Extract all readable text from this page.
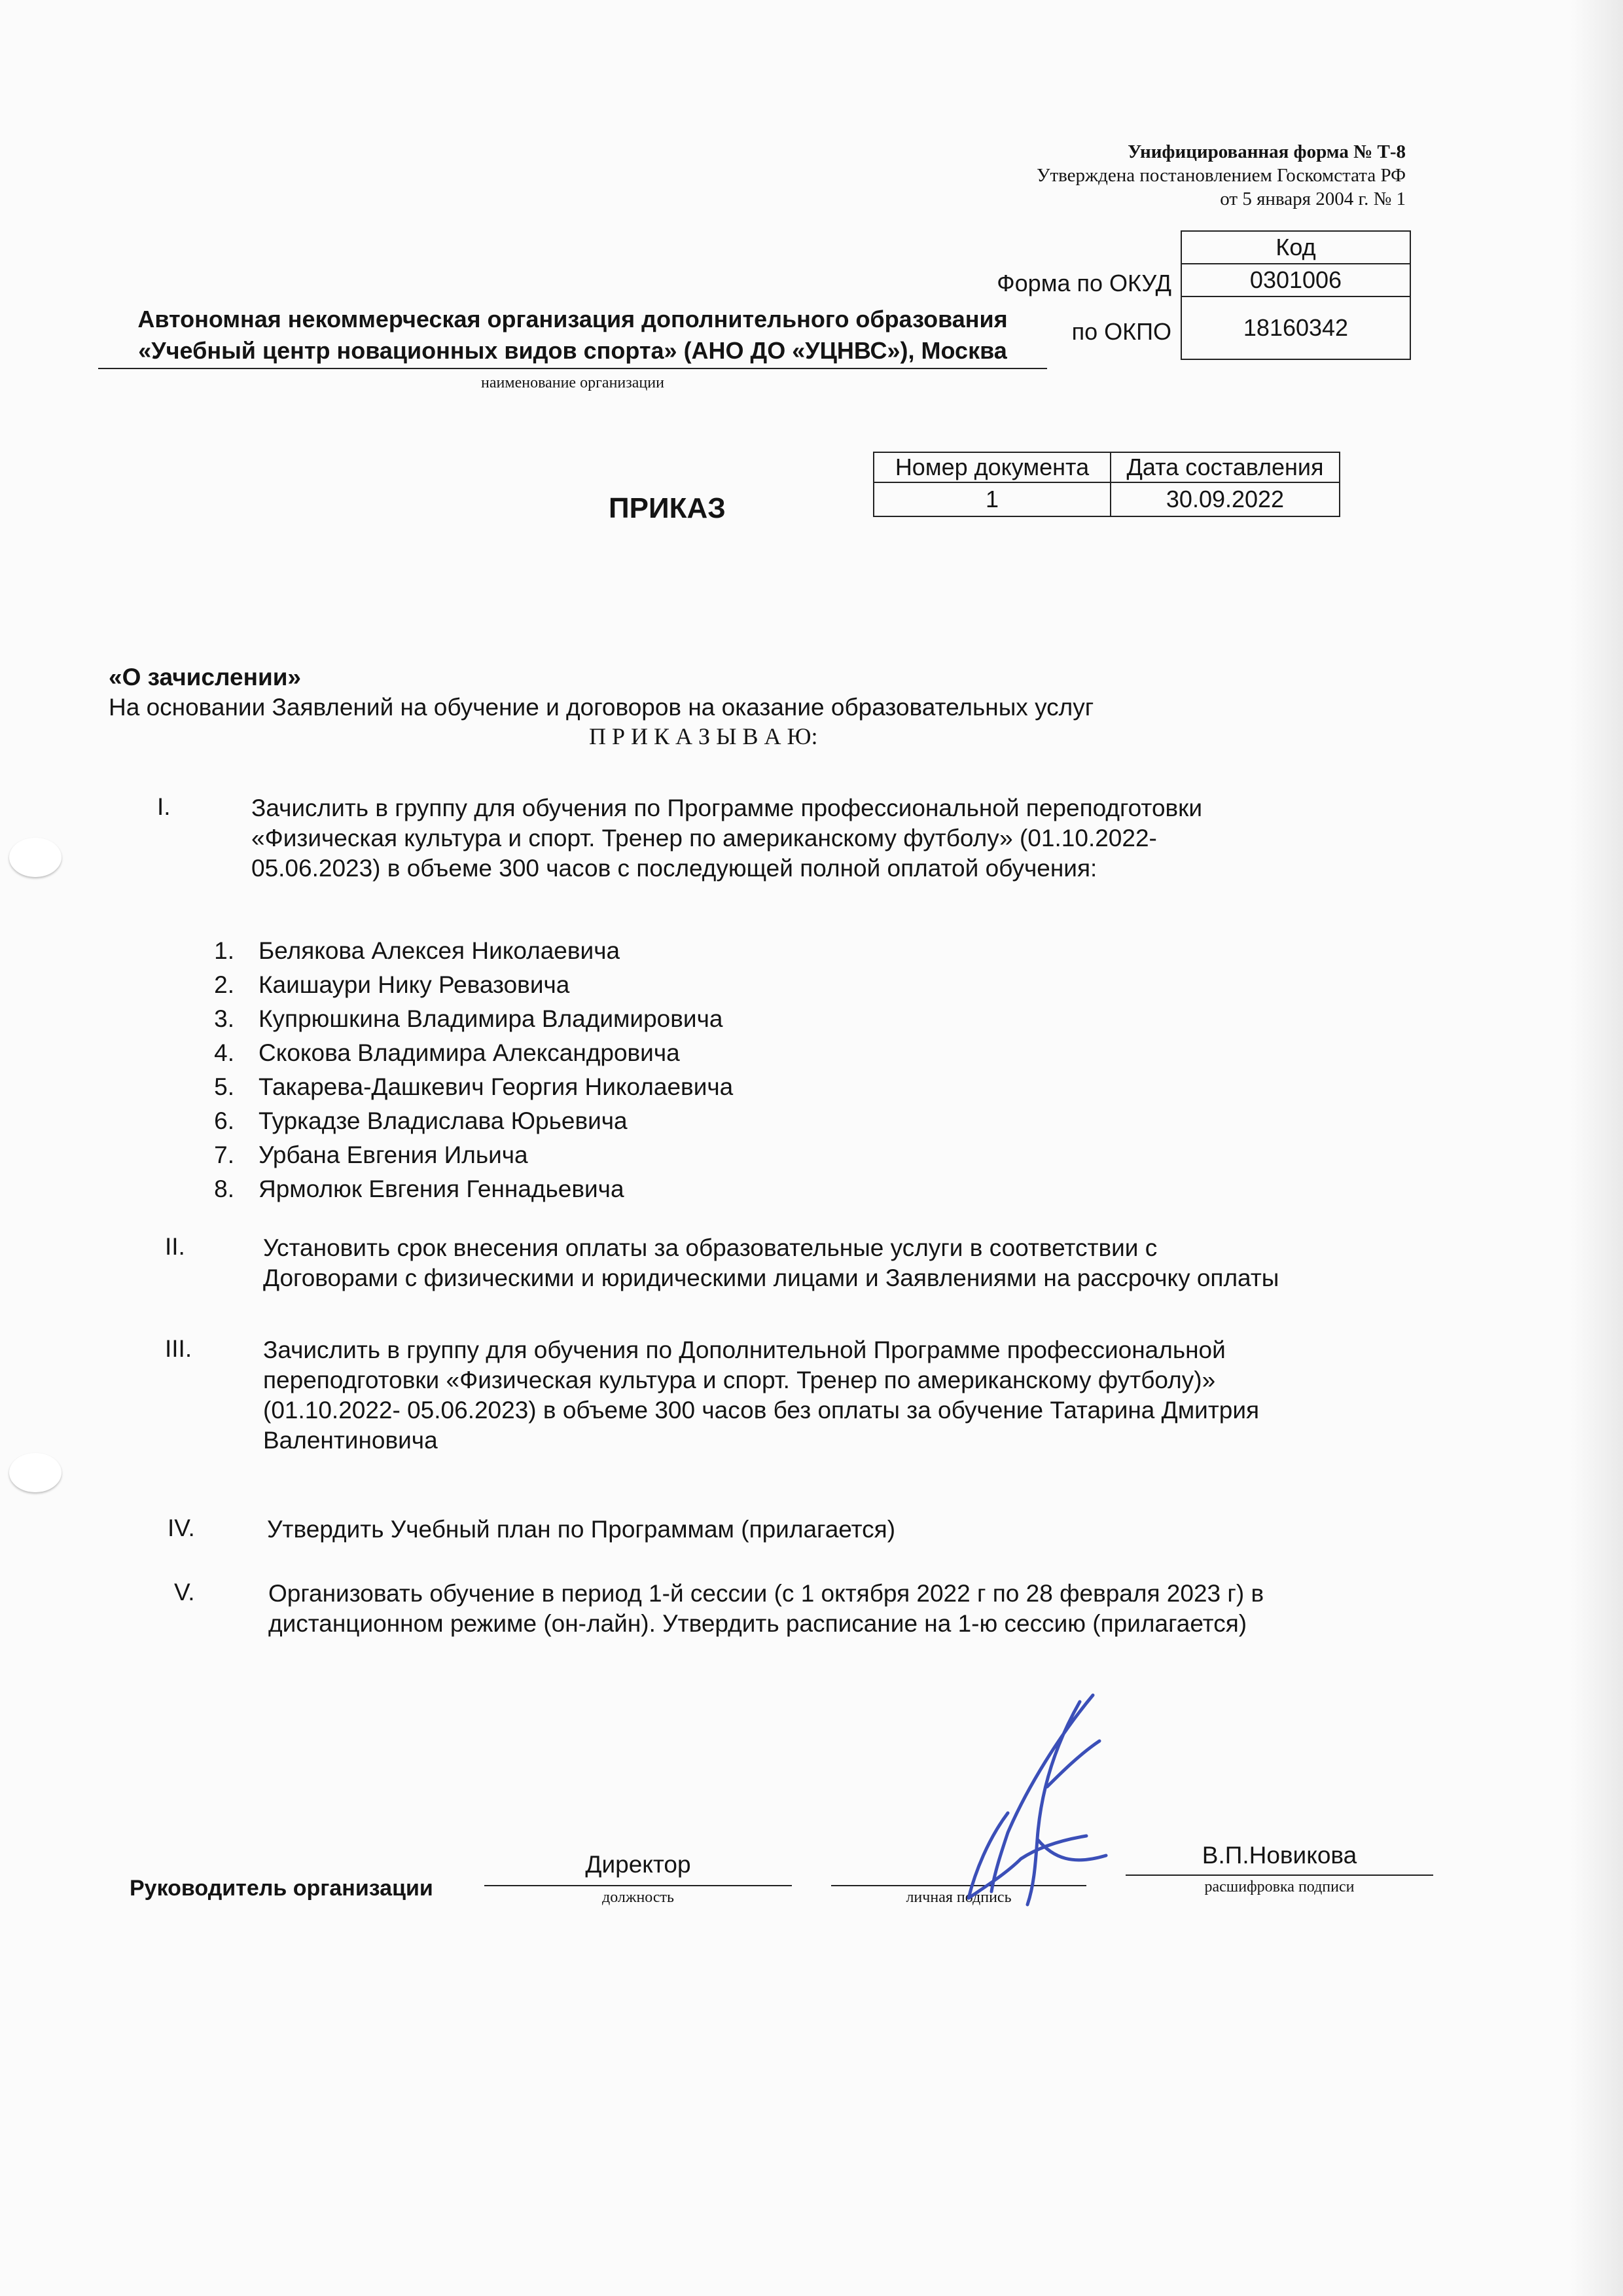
Унифицированная форма № Т-8
Утверждена постановлением Госкомстата РФ
от 5 января 2004 г. № 1
Код
0301006
18160342
Форма по ОКУД
по ОКПО
Автономная некоммерческая организация дополнительного образования
«Учебный центр новационных видов спорта» (АНО ДО «УЦНВС»), Москва
наименование организации
ПРИКАЗ
Номер документа	Дата составления
1	30.09.2022
«О зачислении»
На основании Заявлений на обучение и договоров на оказание образовательных услуг
П Р И К А З Ы В А Ю:
I.	Зачислить в группу для обучения по Программе профессиональной переподготовки
«Физическая культура и спорт. Тренер по американскому футболу» (01.10.2022-
05.06.2023) в объеме 300 часов с последующей полной оплатой обучения:
1. Белякова Алексея Николаевича
2. Каишаури Нику Ревазовича
3. Купрюшкина Владимира Владимировича
4. Скокова Владимира Александровича
5. Такарева-Дашкевич Георгия Николаевича
6. Туркадзе Владислава Юрьевича
7. Урбана Евгения Ильича
8. Ярмолюк Евгения Геннадьевича
II.	Установить срок внесения оплаты за образовательные услуги в соответствии с
Договорами с физическими и юридическими лицами и Заявлениями на рассрочку оплаты
III.	Зачислить в группу для обучения по Дополнительной Программе профессиональной
переподготовки «Физическая культура и спорт. Тренер по американскому футболу)»
(01.10.2022- 05.06.2023) в объеме 300 часов без оплаты за обучение Татарина Дмитрия
Валентиновича
IV.	Утвердить Учебный план по Программам (прилагается)
V.	Организовать обучение в период 1-й сессии (с 1 октября 2022 г по 28 февраля 2023 г) в
дистанционном режиме (он-лайн). Утвердить расписание на 1-ю сессию (прилагается)
Руководитель организации
Директор
должность	личная подпись
В.П.Новикова
расшифровка подписи
